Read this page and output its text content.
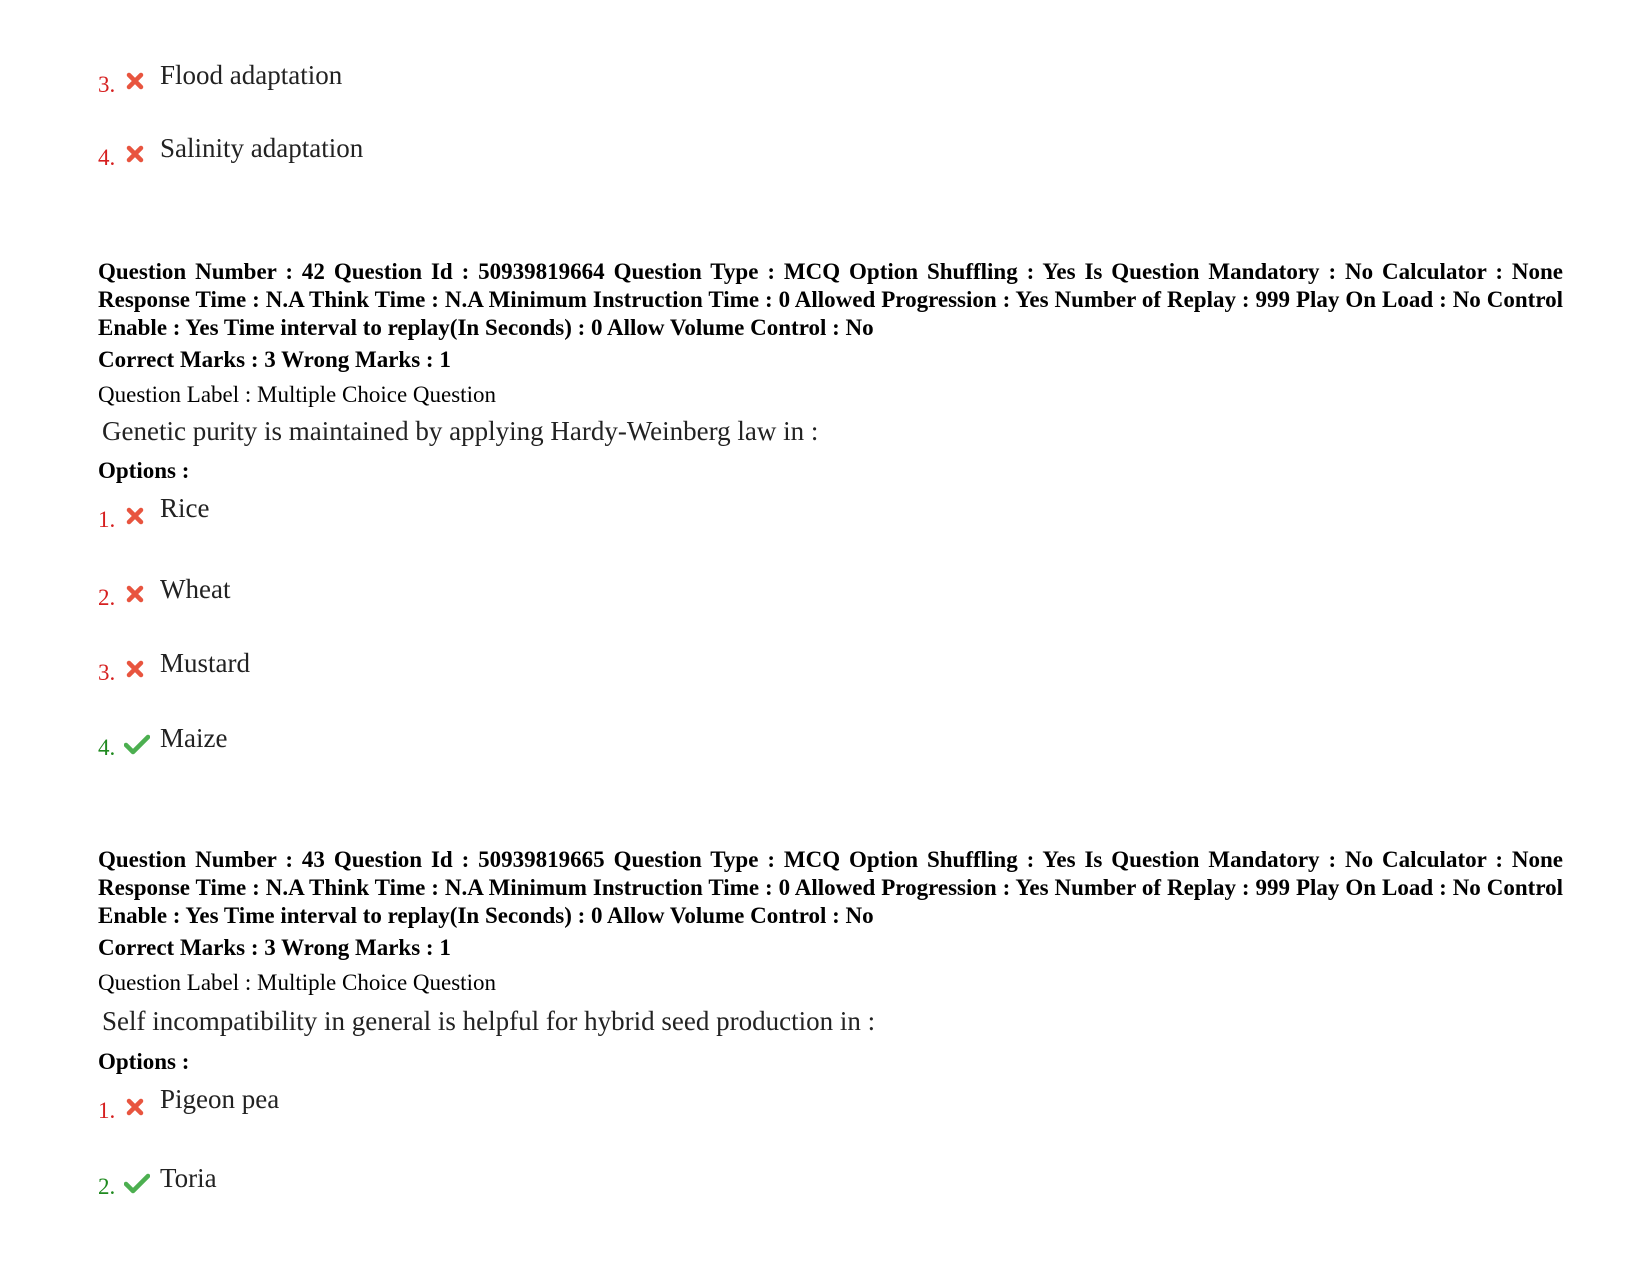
3. Flood adaptation
4. Salinity adaptation
Question Number : 42 Question Id : 50939819664 Question Type : MCQ Option Shuffling : Yes Is Question Mandatory : No Calculator : None Response Time : N.A Think Time : N.A Minimum Instruction Time : 0 Allowed Progression : Yes Number of Replay : 999 Play On Load : No Control Enable : Yes Time interval to replay(In Seconds) : 0 Allow Volume Control : No
Correct Marks : 3 Wrong Marks : 1
Question Label : Multiple Choice Question
Genetic purity is maintained by applying Hardy-Weinberg law in :
Options :
1. Rice
2. Wheat
3. Mustard
4. Maize
Question Number : 43 Question Id : 50939819665 Question Type : MCQ Option Shuffling : Yes Is Question Mandatory : No Calculator : None Response Time : N.A Think Time : N.A Minimum Instruction Time : 0 Allowed Progression : Yes Number of Replay : 999 Play On Load : No Control Enable : Yes Time interval to replay(In Seconds) : 0 Allow Volume Control : No
Correct Marks : 3 Wrong Marks : 1
Question Label : Multiple Choice Question
Self incompatibility in general is helpful for hybrid seed production in :
Options :
1. Pigeon pea
2. Toria
